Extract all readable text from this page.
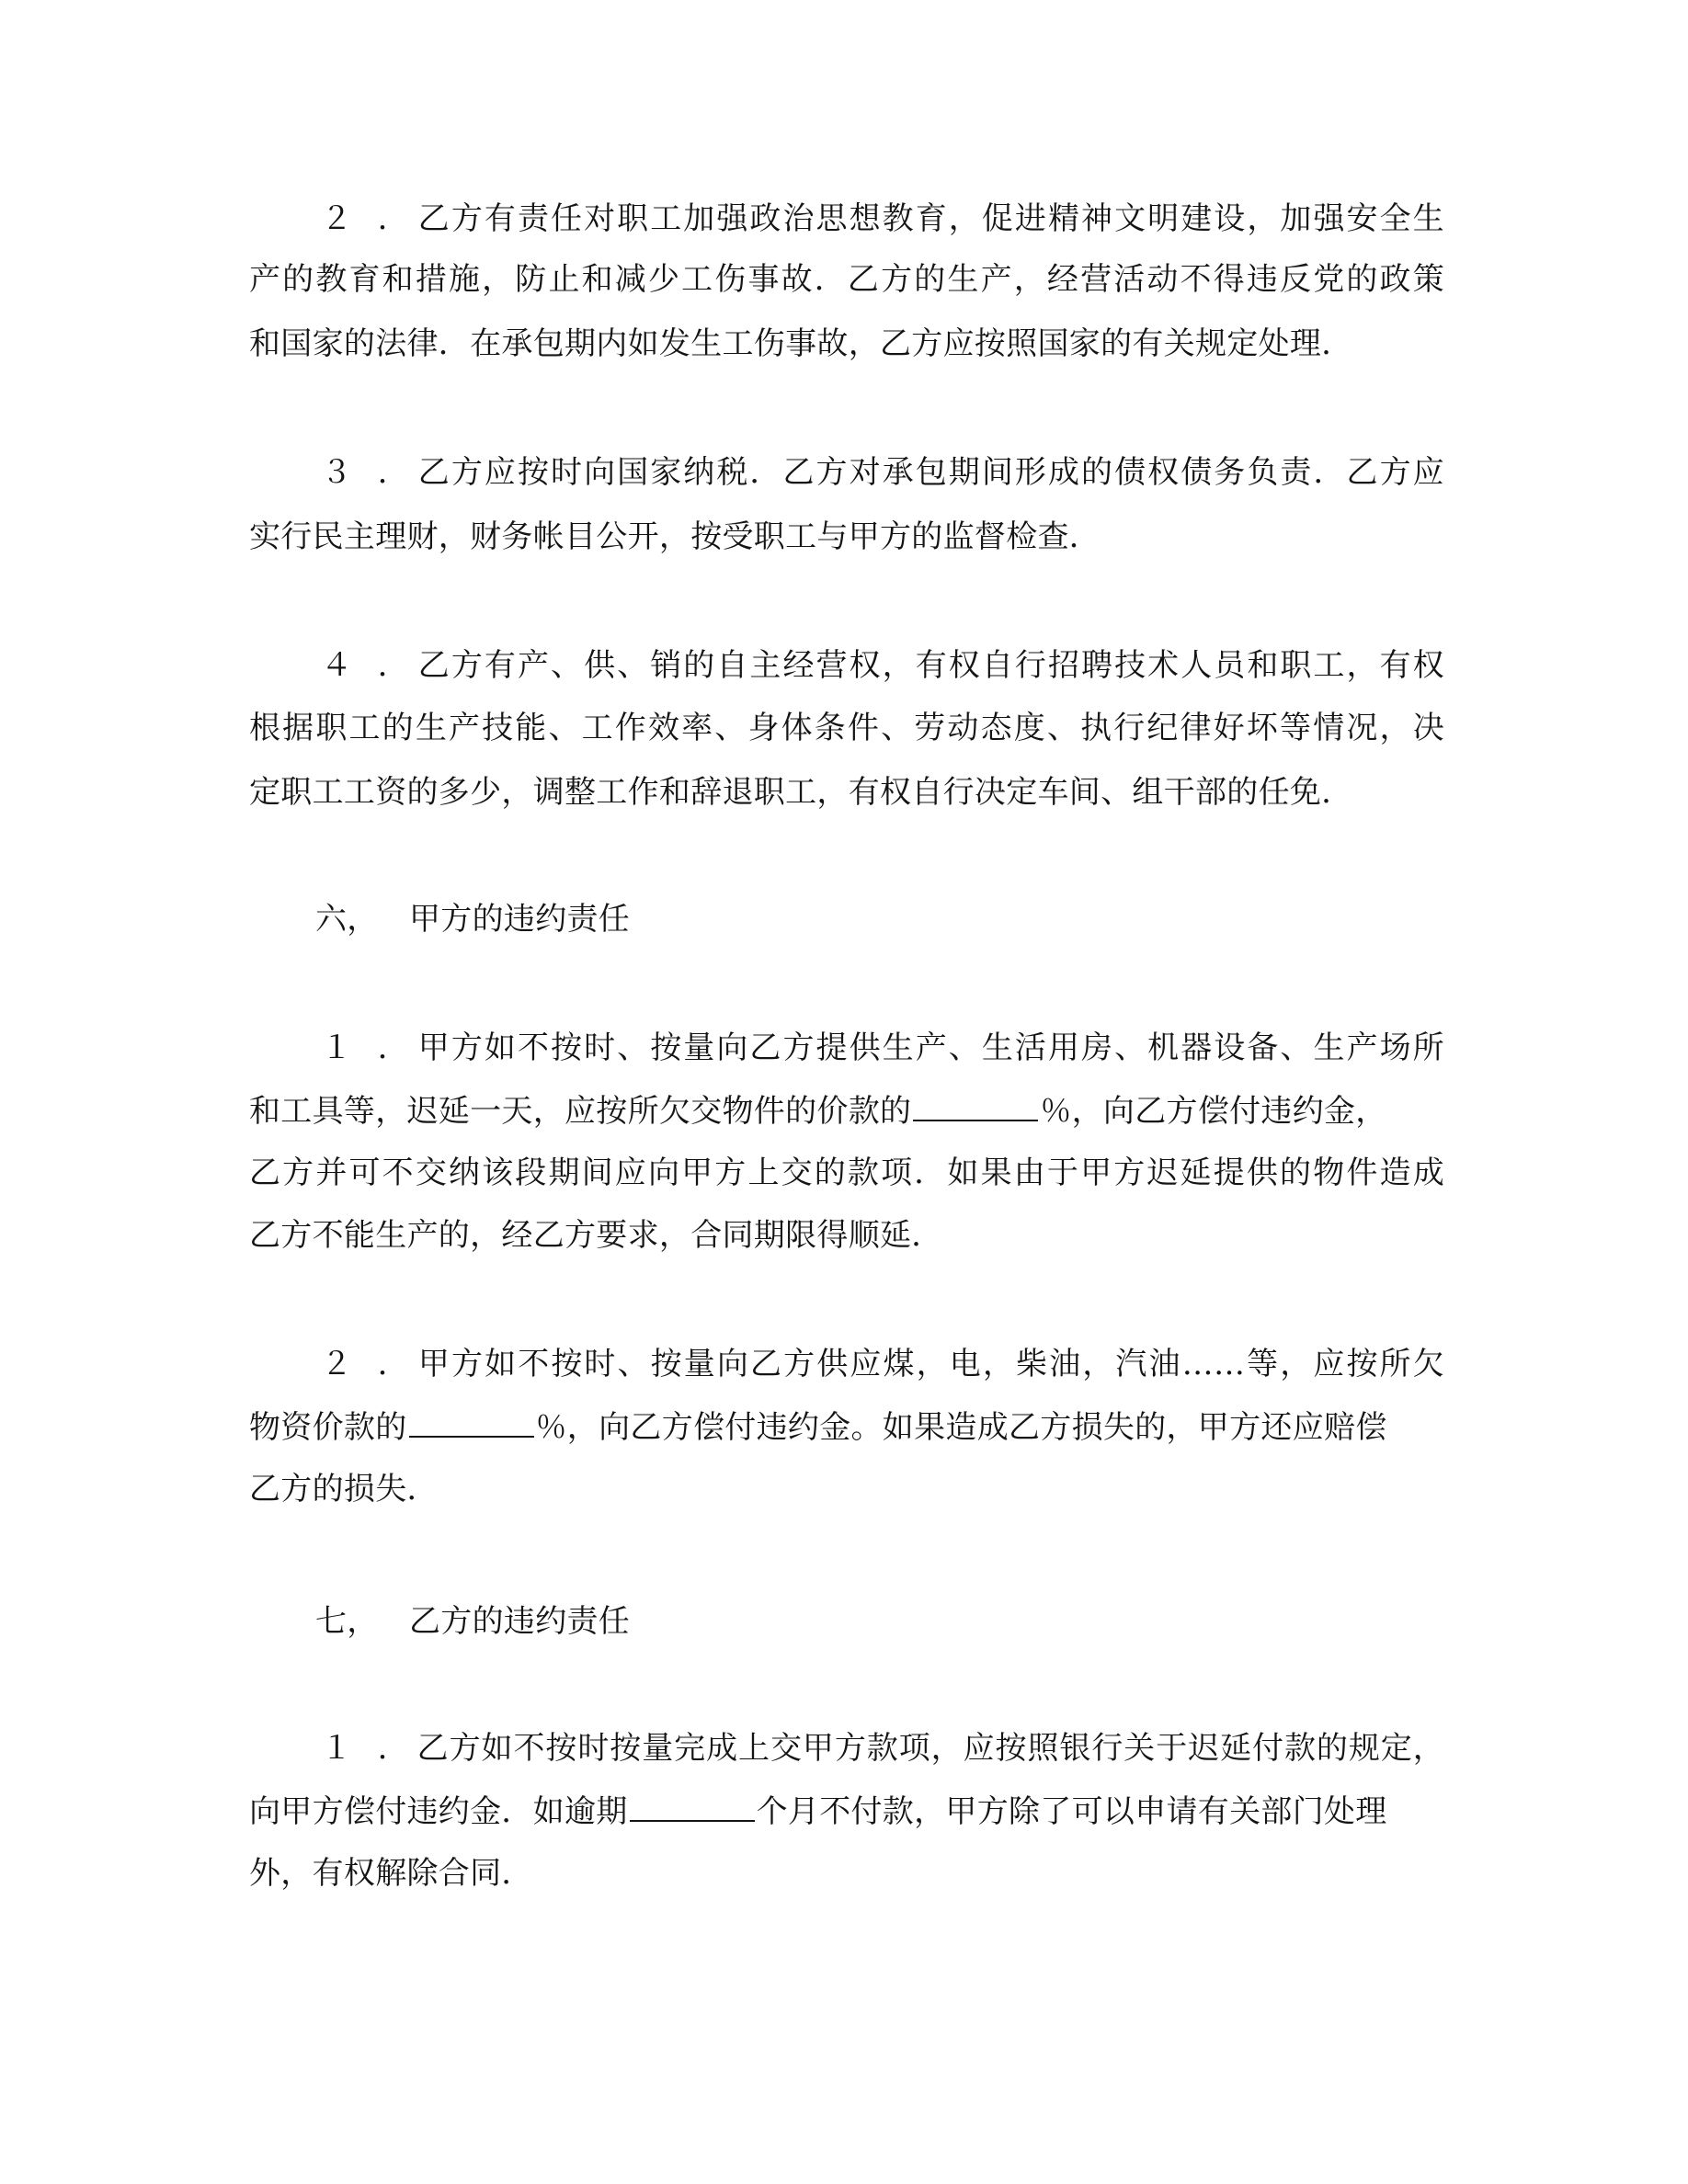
２． 乙方有责任对职工加强政治思想教育，促进精神文明建设，加强安全生
产的教育和措施，防止和减少工伤事故．乙方的生产，经营活动不得违反党的政策
和国家的法律．在承包期内如发生工伤事故，乙方应按照国家的有关规定处理．
３． 乙方应按时向国家纳税．乙方对承包期间形成的债权债务负责．乙方应
实行民主理财，财务帐目公开，按受职工与甲方的监督检查．
４． 乙方有产、供、销的自主经营权，有权自行招聘技术人员和职工，有权
根据职工的生产技能、工作效率、身体条件、劳动态度、执行纪律好坏等情况，决
定职工工资的多少，调整工作和辞退职工，有权自行决定车间、组干部的任免．
六， 甲方的违约责任
１． 甲方如不按时、按量向乙方提供生产、生活用房、机器设备、生产场所
和工具等，迟延一天，应按所欠交物件的价款的	％，向乙方偿付违约金，
乙方并可不交纳该段期间应向甲方上交的款项．如果由于甲方迟延提供的物件造成
乙方不能生产的，经乙方要求，合同期限得顺延．
２． 甲方如不按时、按量向乙方供应煤，电，柴油，汽油……等，应按所欠
物资价款的	％，向乙方偿付违约金。如果造成乙方损失的，甲方还应赔偿
乙方的损失．
七， 乙方的违约责任
１． 乙方如不按时按量完成上交甲方款项，应按照银行关于迟延付款的规定，
向甲方偿付违约金．如逾期	个月不付款，甲方除了可以申请有关部门处理
外，有权解除合同．
